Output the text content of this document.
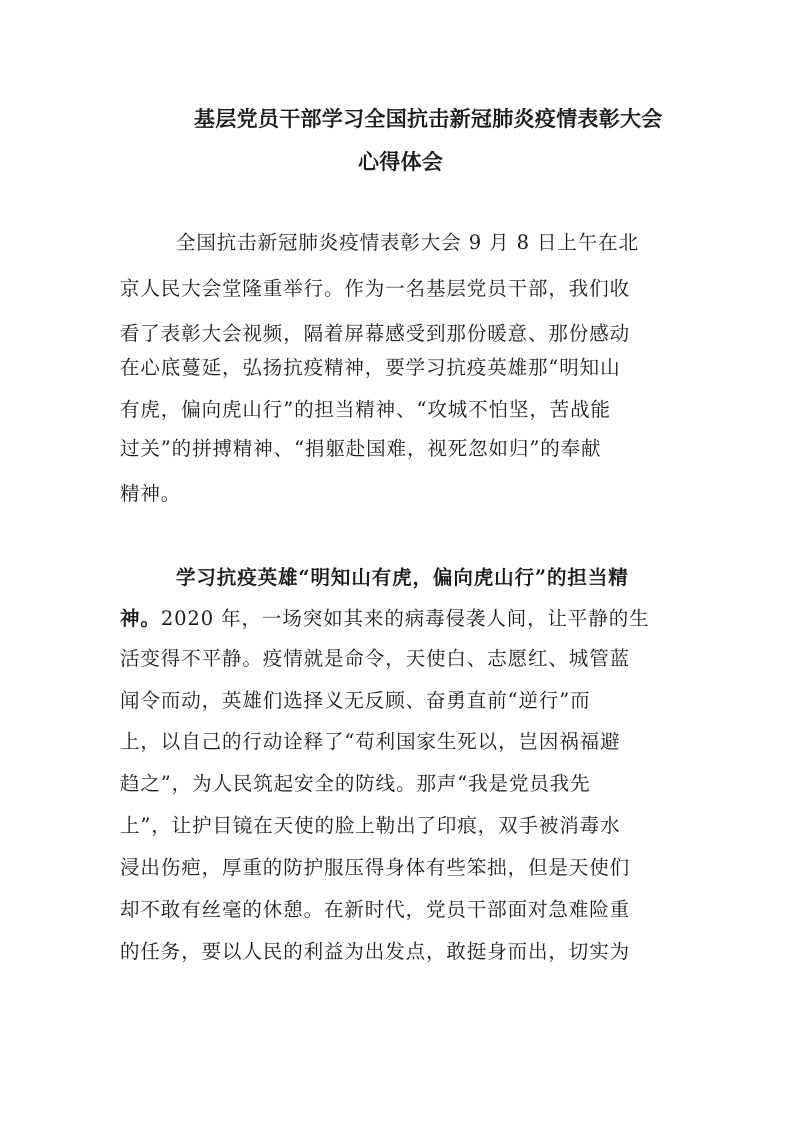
基层党员干部学习全国抗击新冠肺炎疫情表彰大会
心得体会
全国抗击新冠肺炎疫情表彰大会 9 月 8 日上午在北
京人民大会堂隆重举行。作为一名基层党员干部，我们收
看了表彰大会视频，隔着屏幕感受到那份暖意、那份感动
在心底蔓延，弘扬抗疫精神，要学习抗疫英雄那“明知山
有虎，偏向虎山行”的担当精神、“攻城不怕坚，苦战能
过关”的拼搏精神、“捐躯赴国难，视死忽如归”的奉献
精神。
学习抗疫英雄“明知山有虎，偏向虎山行”的担当精
神。2020 年，一场突如其来的病毒侵袭人间，让平静的生
活变得不平静。疫情就是命令，天使白、志愿红、城管蓝
闻令而动，英雄们选择义无反顾、奋勇直前“逆行”而
上，以自己的行动诠释了“苟利国家生死以，岂因祸福避
趋之”，为人民筑起安全的防线。那声“我是党员我先
上”，让护目镜在天使的脸上勒出了印痕，双手被消毒水
浸出伤疤，厚重的防护服压得身体有些笨拙，但是天使们
却不敢有丝毫的休憩。在新时代，党员干部面对急难险重
的任务，要以人民的利益为出发点，敢挺身而出，切实为
